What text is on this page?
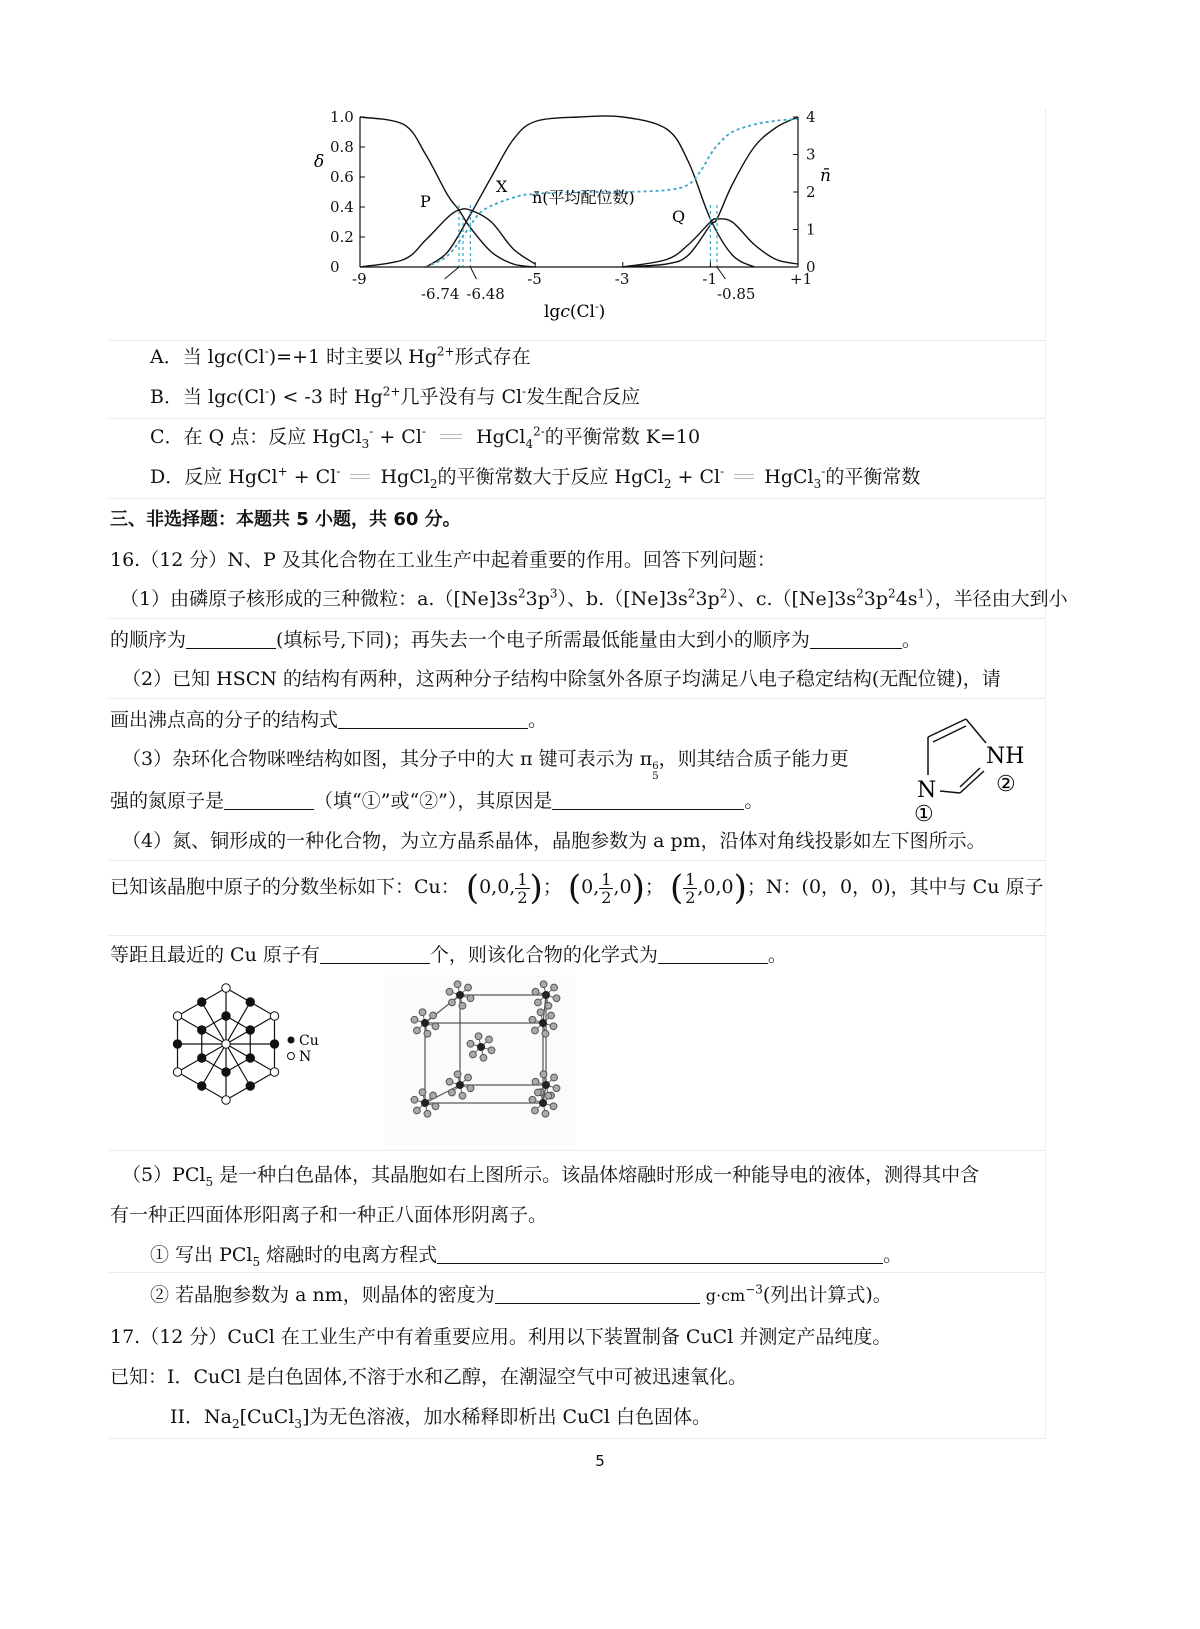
0
0.2
0.4
0.6
0.8
1.0
0
1
2
3
4
-9	-5	-3	-1	+1
-6.74 -6.48	-0.85
δ
n̄
lgc(Cl-)
P
X
Q
n̄(平均配位数)
A．当 lgc(Cl-)=+1 时主要以 $Hg^{2+}$形式存在
B．当 lgc(Cl-) < -3 时 $Hg^{2+}$几乎没有与 Cl-发生配合反应
C．在 Q 点：反应 HgCl$_3$- + Cl-	HgCl$_4^{2-}$的平衡常数 K=10
D．反应 HgCl+ + Cl- HgCl$_2$的平衡常数大于反应 HgCl$_2$ + Cl- HgCl$_3$-的平衡常数
三、非选择题：本题共 5 小题，共 60 分。
16.（12 分）N、P 及其化合物在工业生产中起着重要的作用。回答下列问题：
（1）由磷原子核形成的三种微粒：$a.([Ne]3s^23p^3)$、$b.([Ne]3s^23p^2)$、$c.([Ne]3s^23p^24s^1)$，半径由大到小
的顺序为	(填标号,下同)；再失去一个电子所需最低能量由大到小的顺序为	。
（2）已知 HSCN 的结构有两种，这两种分子结构中除氢外各原子均满足八电子稳定结构(无配位键)，请
画出沸点高的分子的结构式	。
（3）杂环化合物咪唑结构如图，其分子中的大 π 键可表示为 π 6
5
，则其结合质子能力更
强的氮原子是	（填“①”或“②”），其原因是	。
NH
N	②
①
（4）氮、铜形成的一种化合物，为立方晶系晶体，晶胞参数为 a pm，沿体对角线投影如左下图所示。
已知该晶胞中原子的分数坐标如下：Cu： (0,0, $\frac{1}{2}$ )； (0, $\frac{1}{2} ,0$)； ( $\frac{1}{2} ,0,0$)；N：(0，0，0)，其中与 Cu 原子
等距且最近的 Cu 原子有	个，则该化合物的化学式为	。
Cu
N
（5）PCl$_5$ 是一种白色晶体，其晶胞如右上图所示。该晶体熔融时形成一种能导电的液体，测得其中含
有一种正四面体形阳离子和一种正八面体形阴离子。
① 写出 PCl$_5$ 熔融时的电离方程式	。
② 若晶胞参数为 a nm，则晶体的密度为	$g\cdot cm^{-3}$(列出计算式)。
17.（12 分）CuCl 在工业生产中有着重要应用。利用以下装置制备 CuCl 并测定产品纯度。
已知：I．CuCl 是白色固体,不溶于水和乙醇，在潮湿空气中可被迅速氧化。
II．$Na_2[CuCl_3]$为无色溶液，加水稀释即析出 CuCl 白色固体。
5
